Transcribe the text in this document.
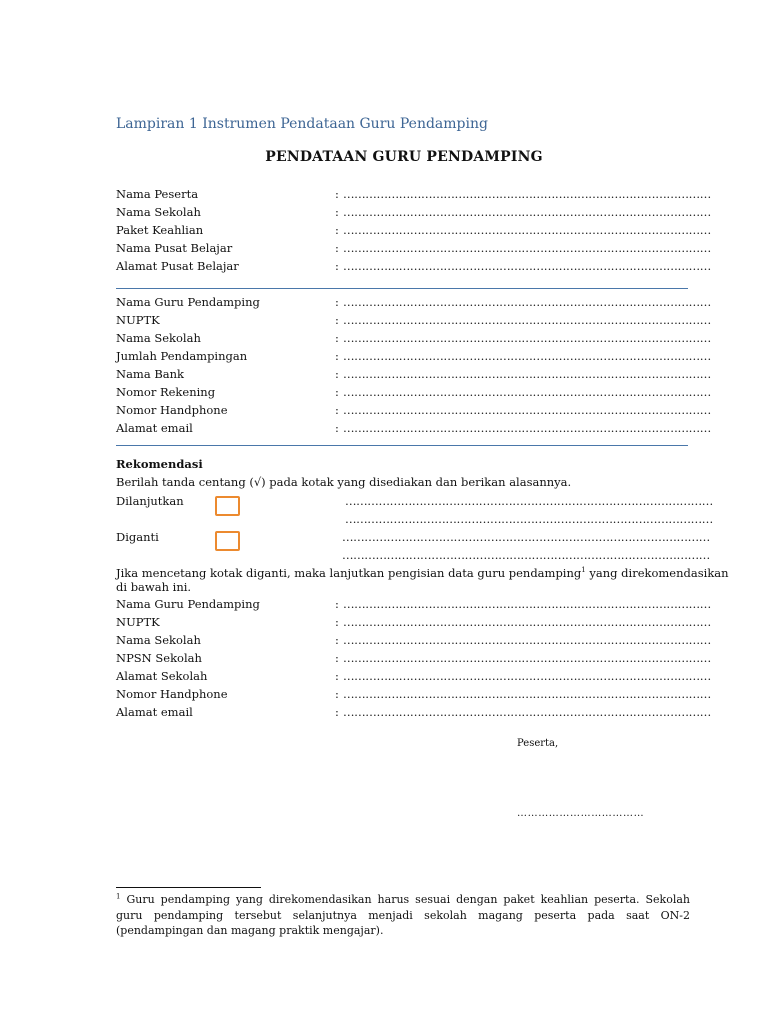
Lampiran 1 Instrumen Pendataan Guru Pendamping
PENDATAAN GURU PENDAMPING
Nama Peserta	: ………………………………………………………………………………………
Nama Sekolah	: ………………………………………………………………………………………
Paket Keahlian	: ………………………………………………………………………………………
Nama Pusat Belajar	: ………………………………………………………………………………………
Alamat Pusat Belajar	: ………………………………………………………………………………………
Nama Guru Pendamping	: ………………………………………………………………………………………
NUPTK	: ………………………………………………………………………………………
Nama Sekolah	: ………………………………………………………………………………………
Jumlah Pendampingan	: ………………………………………………………………………………………
Nama Bank	: ………………………………………………………………………………………
Nomor Rekening	: ………………………………………………………………………………………
Nomor Handphone	: ………………………………………………………………………………………
Alamat email	: ………………………………………………………………………………………
Rekomendasi
Berilah tanda centang (√) pada kotak yang disediakan dan berikan alasannya.
Dilanjutkan	………………………………………………………………………………………
………………………………………………………………………………………
Diganti	………………………………………………………………………………………
………………………………………………………………………………………
Jika mencetang kotak diganti, maka lanjutkan pengisian data guru pendamping$^1$ yang direkomendasikan
di bawah ini.
Nama Guru Pendamping	: ………………………………………………………………………………………
NUPTK	: ………………………………………………………………………………………
Nama Sekolah	: ………………………………………………………………………………………
NPSN Sekolah	: ………………………………………………………………………………………
Alamat Sekolah	: ………………………………………………………………………………………
Nomor Handphone	: ………………………………………………………………………………………
Alamat email	: ………………………………………………………………………………………
Peserta,
………………………………
$^1$ Guru pendamping yang direkomendasikan harus sesuai dengan paket keahlian peserta. Sekolah guru pendamping tersebut selanjutnya menjadi sekolah magang peserta pada saat ON-2 (pendampingan dan magang praktik mengajar).
